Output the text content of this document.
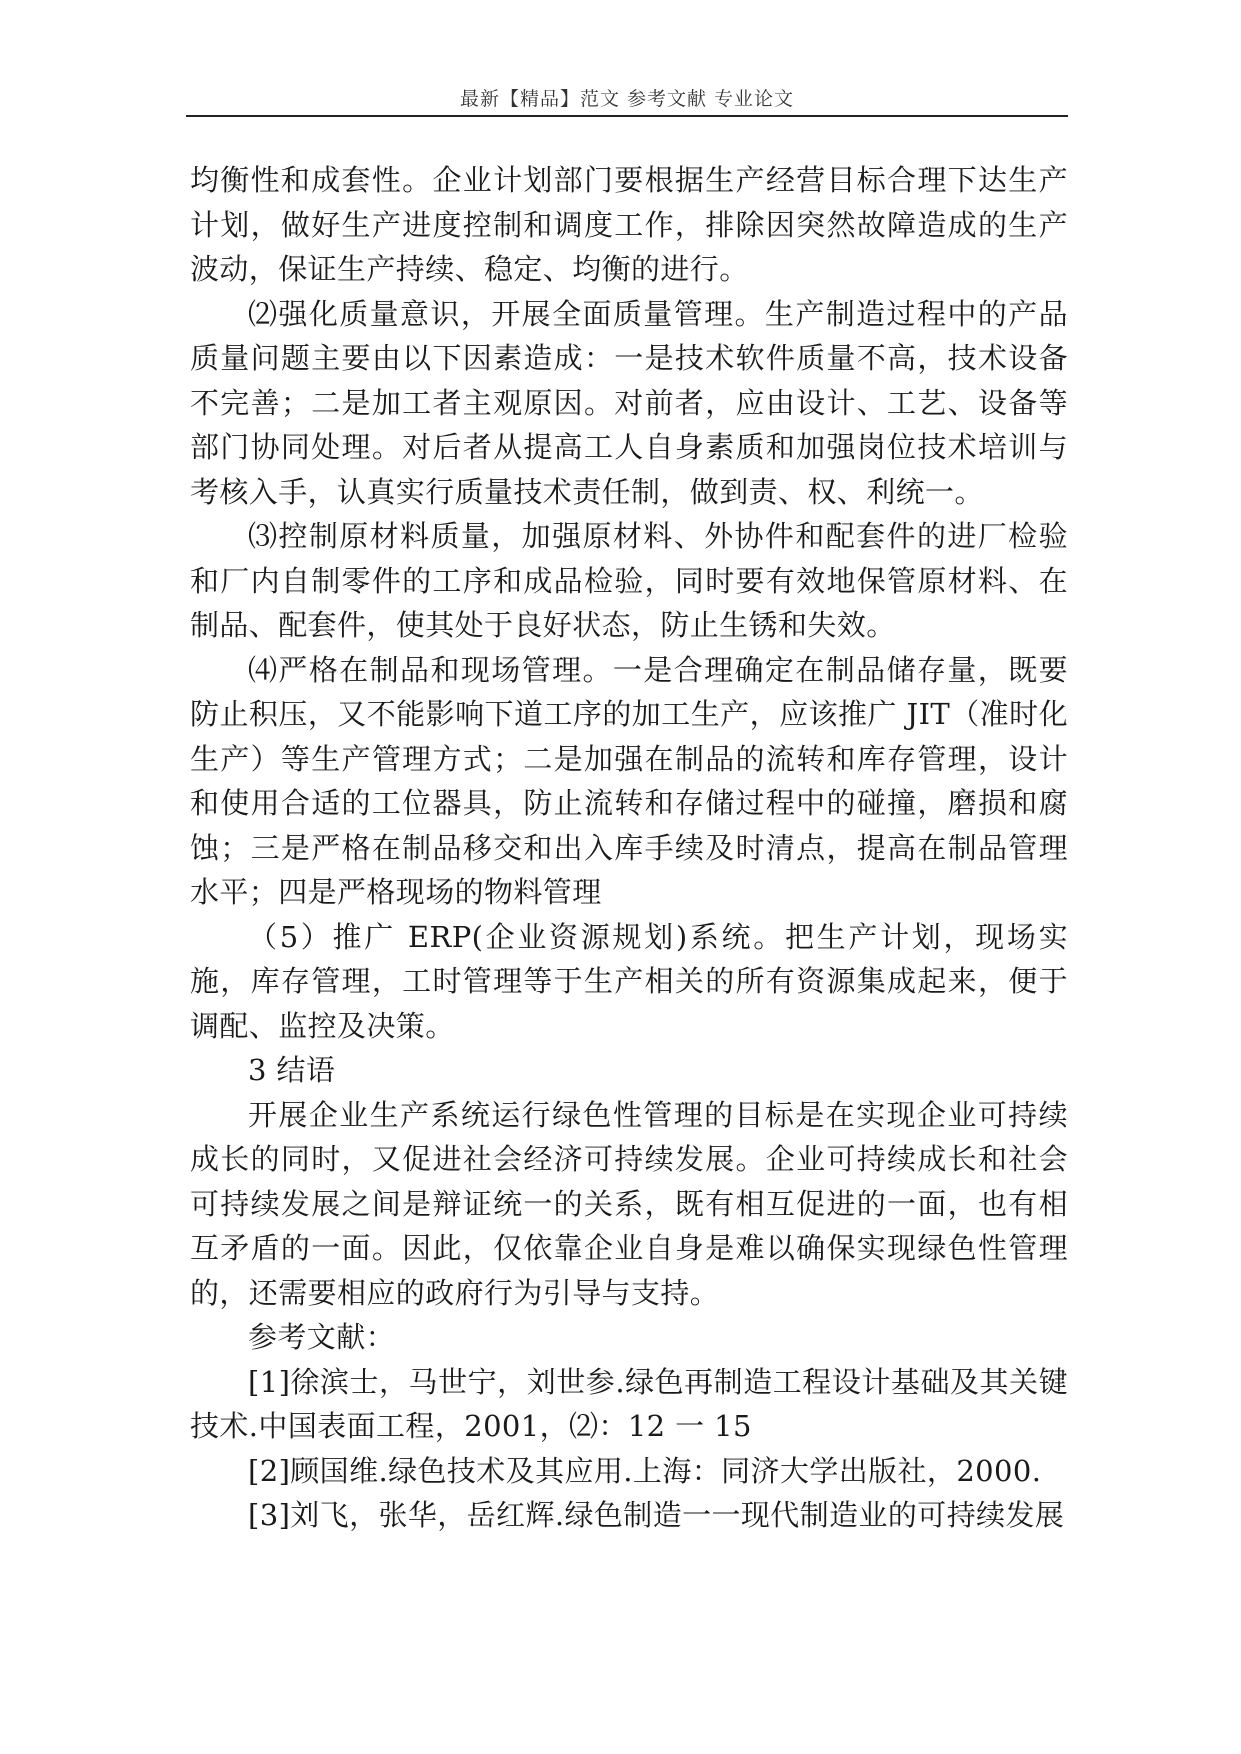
最新【精品】范文 参考文献 专业论文

均衡性和成套性。企业计划部门要根据生产经营目标合理下达生产计划，做好生产进度控制和调度工作，排除因突然故障造成的生产波动，保证生产持续、稳定、均衡的进行。

⑵强化质量意识，开展全面质量管理。生产制造过程中的产品质量问题主要由以下因素造成：一是技术软件质量不高，技术设备不完善；二是加工者主观原因。对前者，应由设计、工艺、设备等部门协同处理。对后者从提高工人自身素质和加强岗位技术培训与考核入手，认真实行质量技术责任制，做到责、权、利统一。

⑶控制原材料质量，加强原材料、外协件和配套件的进厂检验和厂内自制零件的工序和成品检验，同时要有效地保管原材料、在制品、配套件，使其处于良好状态，防止生锈和失效。

⑷严格在制品和现场管理。一是合理确定在制品储存量，既要防止积压，又不能影响下道工序的加工生产，应该推广 JIT（准时化生产）等生产管理方式；二是加强在制品的流转和库存管理，设计和使用合适的工位器具，防止流转和存储过程中的碰撞，磨损和腐蚀；三是严格在制品移交和出入库手续及时清点，提高在制品管理水平；四是严格现场的物料管理

（5）推广 ERP(企业资源规划)系统。把生产计划，现场实施，库存管理，工时管理等于生产相关的所有资源集成起来，便于调配、监控及决策。

3 结语

开展企业生产系统运行绿色性管理的目标是在实现企业可持续成长的同时，又促进社会经济可持续发展。企业可持续成长和社会可持续发展之间是辩证统一的关系，既有相互促进的一面，也有相互矛盾的一面。因此，仅依靠企业自身是难以确保实现绿色性管理的，还需要相应的政府行为引导与支持。

参考文献：

[1]徐滨士，马世宁，刘世参.绿色再制造工程设计基础及其关键技术.中国表面工程，2001，⑵：12 一 15

[2]顾国维.绿色技术及其应用.上海：同济大学出版社，2000.

[3]刘飞，张华，岳红辉.绿色制造一一现代制造业的可持续发展
